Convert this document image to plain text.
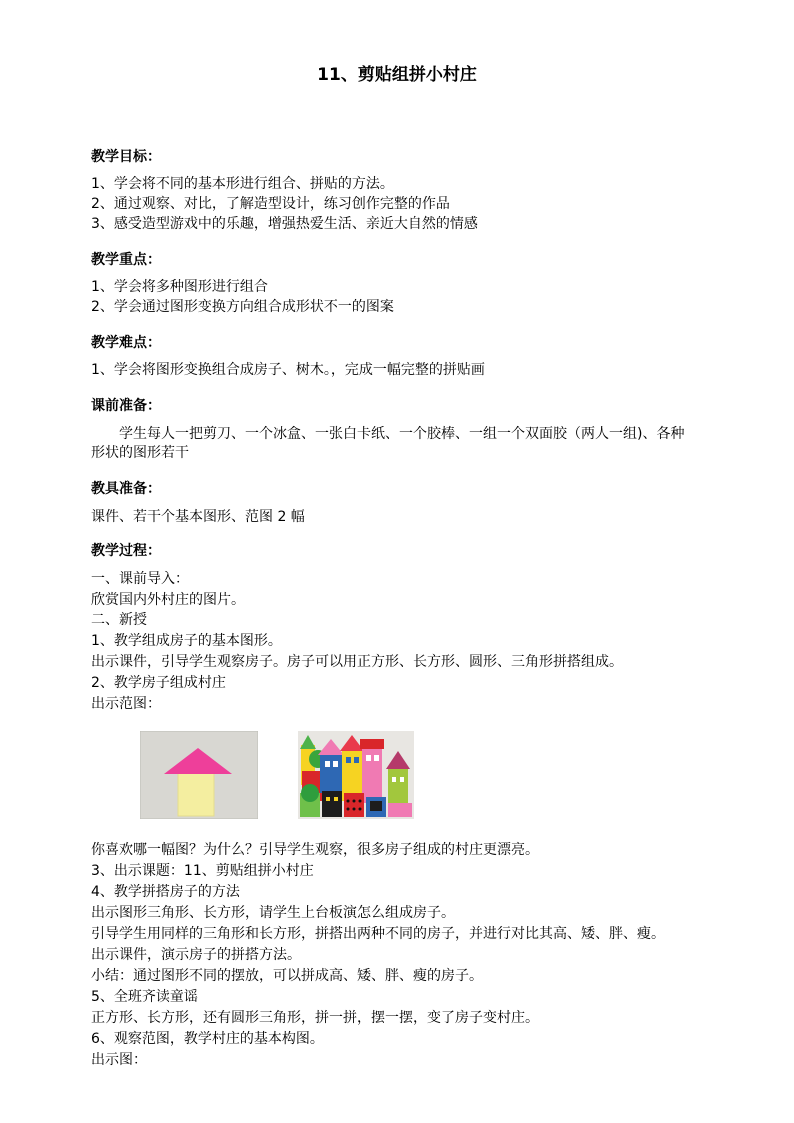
11、剪贴组拼小村庄
教学目标：
1、学会将不同的基本形进行组合、拼贴的方法。
2、通过观察、对比，了解造型设计，练习创作完整的作品
3、感受造型游戏中的乐趣，增强热爱生活、亲近大自然的情感
教学重点：
1、学会将多种图形进行组合
2、学会通过图形变换方向组合成形状不一的图案
教学难点：
1、学会将图形变换组合成房子、树木。，完成一幅完整的拼贴画
课前准备：
学生每人一把剪刀、一个冰盒、一张白卡纸、一个胶棒、一组一个双面胶（两人一组)、各种
形状的图形若干
教具准备：
课件、若干个基本图形、范图 2 幅
教学过程：
一、课前导入：
欣赏国内外村庄的图片。
二、新授
1、教学组成房子的基本图形。
出示课件，引导学生观察房子。房子可以用正方形、长方形、圆形、三角形拼搭组成。
2、教学房子组成村庄
出示范图：
你喜欢哪一幅图？为什么？引导学生观察，很多房子组成的村庄更漂亮。
3、出示课题：11、剪贴组拼小村庄
4、教学拼搭房子的方法
出示图形三角形、长方形，请学生上台板演怎么组成房子。
引导学生用同样的三角形和长方形，拼搭出两种不同的房子，并进行对比其高、矮、胖、瘦。
出示课件，演示房子的拼搭方法。
小结：通过图形不同的摆放，可以拼成高、矮、胖、瘦的房子。
5、全班齐读童谣
正方形、长方形，还有圆形三角形，拼一拼，摆一摆，变了房子变村庄。
6、观察范图，教学村庄的基本构图。
出示图：
